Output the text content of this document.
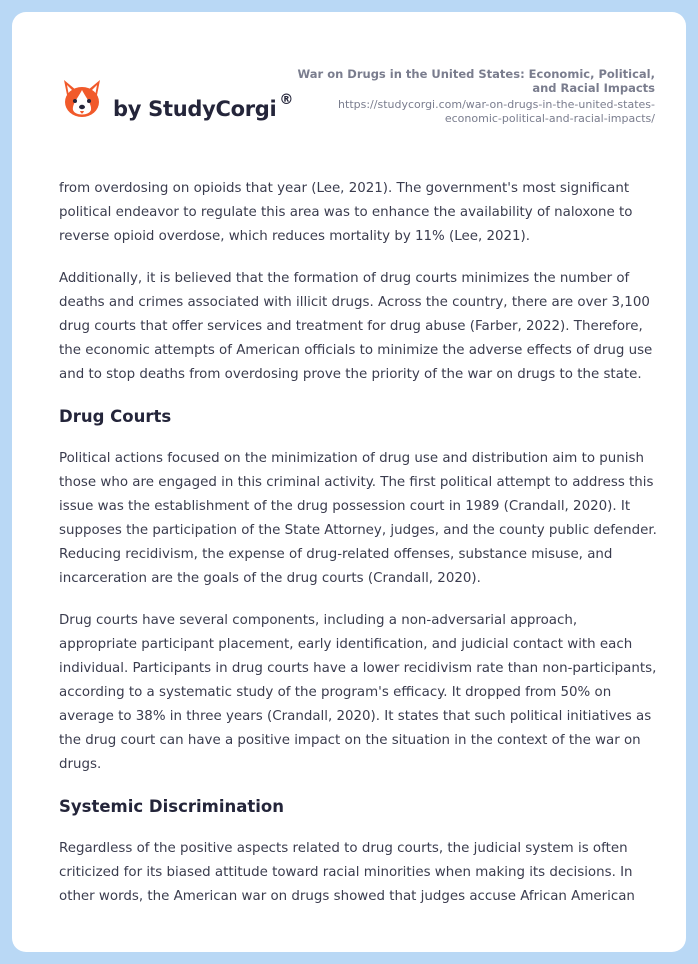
by StudyCorgi ®
War on Drugs in the United States: Economic, Political, and Racial Impacts
https://studycorgi.com/war-on-drugs-in-the-united-states-economic-political-and-racial-impacts/

from overdosing on opioids that year (Lee, 2021). The government's most significant political endeavor to regulate this area was to enhance the availability of naloxone to reverse opioid overdose, which reduces mortality by 11% (Lee, 2021).

Additionally, it is believed that the formation of drug courts minimizes the number of deaths and crimes associated with illicit drugs. Across the country, there are over 3,100 drug courts that offer services and treatment for drug abuse (Farber, 2022). Therefore, the economic attempts of American officials to minimize the adverse effects of drug use and to stop deaths from overdosing prove the priority of the war on drugs to the state.

Drug Courts

Political actions focused on the minimization of drug use and distribution aim to punish those who are engaged in this criminal activity. The first political attempt to address this issue was the establishment of the drug possession court in 1989 (Crandall, 2020). It supposes the participation of the State Attorney, judges, and the county public defender. Reducing recidivism, the expense of drug-related offenses, substance misuse, and incarceration are the goals of the drug courts (Crandall, 2020).

Drug courts have several components, including a non-adversarial approach, appropriate participant placement, early identification, and judicial contact with each individual. Participants in drug courts have a lower recidivism rate than non-participants, according to a systematic study of the program's efficacy. It dropped from 50% on average to 38% in three years (Crandall, 2020). It states that such political initiatives as the drug court can have a positive impact on the situation in the context of the war on drugs.

Systemic Discrimination

Regardless of the positive aspects related to drug courts, the judicial system is often criticized for its biased attitude toward racial minorities when making its decisions. In other words, the American war on drugs showed that judges accuse African American
